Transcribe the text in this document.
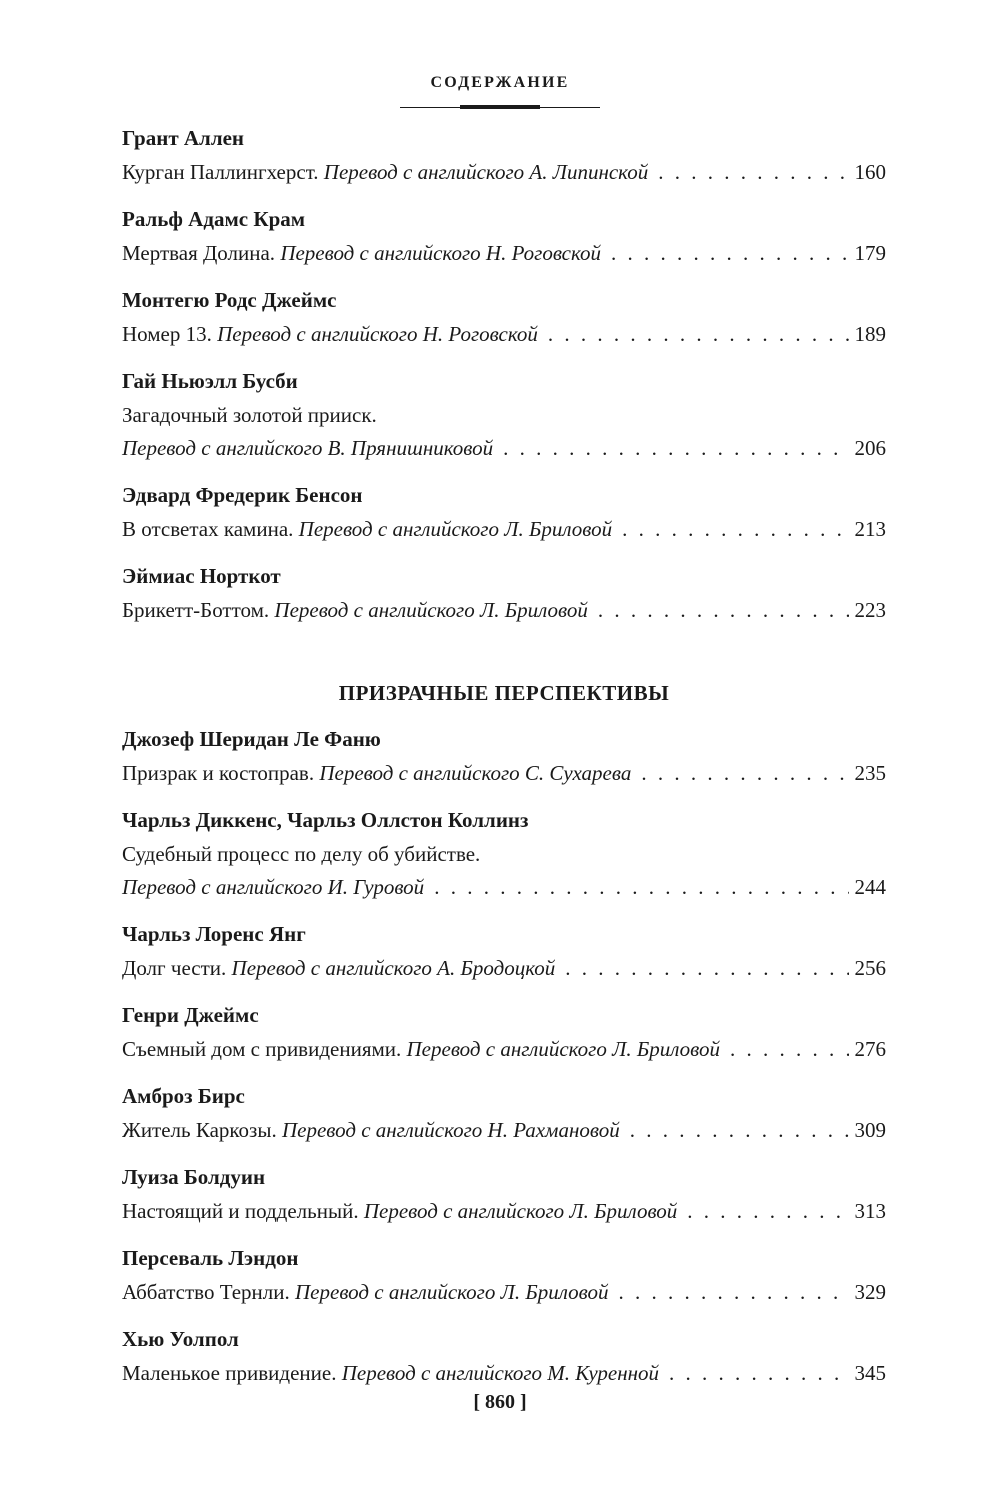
СОДЕРЖАНИЕ
Грант Аллен
Курган Паллингхерст.
Перевод с английского А. Липинской . . .	160
Ральф Адамс Крам
Мертвая Долина.
Перевод с английского Н. Роговской . . .	179
Монтегю Родс Джеймс
Номер 13.
Перевод с английского Н. Роговской . . .	189
Гай Ньюэлл Бусби
Загадочный золотой прииск.
Перевод с английского В. Прянишниковой . . .	206
Эдвард Фредерик Бенсон
В отсветах камина.
Перевод с английского Л. Бриловой . . .	213
Эймиас Норткот
Брикетт-Боттом.
Перевод с английского Л. Бриловой . . .	223
ПРИЗРАЧНЫЕ ПЕРСПЕКТИВЫ
Джозеф Шеридан Ле Фаню
Призрак и костоправ.
Перевод с английского С. Сухарева . . .	235
Чарльз Диккенс, Чарльз Оллстон Коллинз
Судебный процесс по делу об убийстве.
Перевод с английского И. Гуровой . . .	244
Чарльз Лоренс Янг
Долг чести.
Перевод с английского А. Бродоцкой . . .	256
Генри Джеймс
Съемный дом с привидениями.
Перевод с английского Л. Бриловой . . .	276
Амброз Бирс
Житель Каркозы.
Перевод с английского Н. Рахмановой . . .	309
Луиза Болдуин
Настоящий и поддельный.
Перевод с английского Л. Бриловой . . .	313
Персеваль Лэндон
Аббатство Тернли.
Перевод с английского Л. Бриловой . . .	329
Хью Уолпол
Маленькое привидение.
Перевод с английского М. Куренной . . .	345
[ 860 ]
